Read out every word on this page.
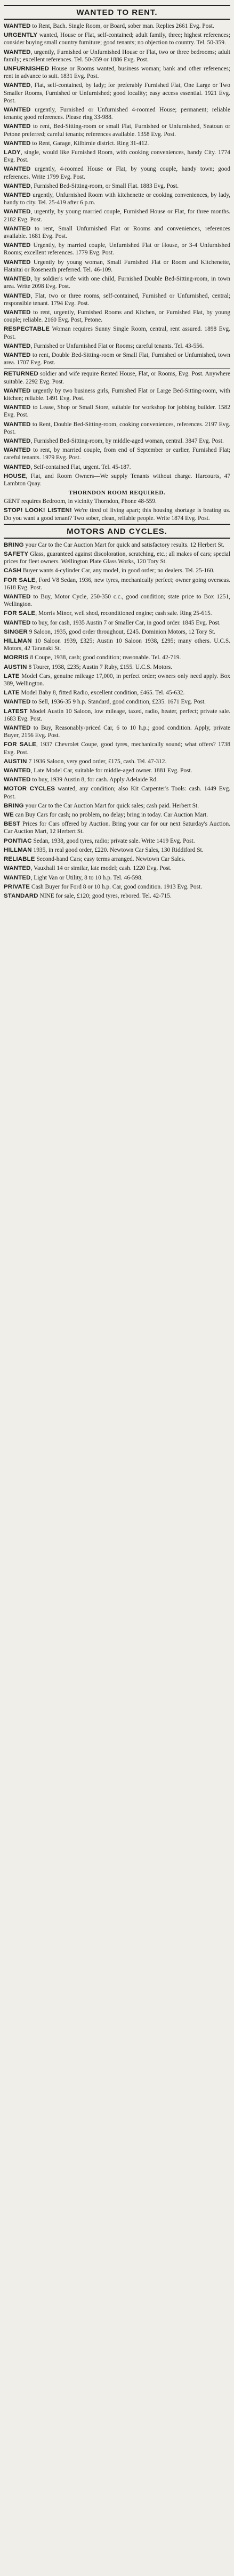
WANTED TO RENT.

WANTED to Rent, Bach. Single Room, or Board, sober man. Replies 2661 Evg. Post.

URGENTLY wanted, House or Flat, self-contained; adult family, three; highest references; consider buying small country furniture; good tenants; no objection to country. Tel. 50-359.

WANTED, urgently, Furnished or Unfurnished House or Flat, two or three bedrooms; adult family; excellent references. Tel. 50-359 or 1886 Evg. Post.

UNFURNISHED House or Rooms wanted, business woman; bank and other references; rent in advance to suit. 1831 Evg. Post.

WANTED, Flat, self-contained, by lady; for preferably Furnished Flat, One Large or Two Smaller Rooms, Furnished or Unfurnished; good locality; easy access essential. 1921 Evg. Post.

WANTED urgently, Furnished or Unfurnished 4-roomed House; permanent; reliable tenants; good references. Please ring 33-988.

WANTED to rent, Bed-Sitting-room or small Flat, Furnished or Unfurnished, Seatoun or Petone preferred; careful tenants; references available. 1358 Evg. Post.

WANTED to Rent, Garage, Kilbirnie district. Ring 31-412.

LADY, single, would like Furnished Room, with cooking conveniences, handy City. 1774 Evg. Post.

WANTED urgently, 4-roomed House or Flat, by young couple, handy town; good references. Write 1799 Evg. Post.

WANTED, Furnished Bed-Sitting-room, or Small Flat. 1883 Evg. Post.

WANTED urgently, Unfurnished Room with kitchenette or cooking conveniences, by lady, handy to city. Tel. 25-419 after 6 p.m.

WANTED, urgently, by young married couple, Furnished House or Flat, for three months. 2182 Evg. Post.

WANTED to rent, Small Unfurnished Flat or Rooms and conveniences, references available. 1681 Evg. Post.

WANTED Urgently, by married couple, Unfurnished Flat or House, or 3-4 Unfurnished Rooms; excellent references. 1779 Evg. Post.

WANTED Urgently by young woman, Small Furnished Flat or Room and Kitchenette, Hataitai or Roseneath preferred. Tel. 46-109.

WANTED, by soldier's wife with one child, Furnished Double Bed-Sitting-room, in town area. Write 2098 Evg. Post.

WANTED, Flat, two or three rooms, self-contained, Furnished or Unfurnished, central; responsible tenant. 1794 Evg. Post.

WANTED to rent, urgently, Furnished Rooms and Kitchen, or Furnished Flat, by young couple; reliable. 2160 Evg. Post, Petone.

RESPECTABLE Woman requires Sunny Single Room, central, rent assured. 1898 Evg. Post.

WANTED, Furnished or Unfurnished Flat or Rooms; careful tenants. Tel. 43-556.

WANTED to rent, Double Bed-Sitting-room or Small Flat, Furnished or Unfurnished, town area. 1707 Evg. Post.

RETURNED soldier and wife require Rented House, Flat, or Rooms, Evg. Post. Anywhere suitable. 2292 Evg. Post.

WANTED urgently by two business girls, Furnished Flat or Large Bed-Sitting-room, with kitchen; reliable. 1491 Evg. Post.

WANTED to Lease, Shop or Small Store, suitable for workshop for jobbing builder. 1582 Evg. Post.

WANTED to Rent, Double Bed-Sitting-room, cooking conveniences, references. 2197 Evg. Post.

WANTED, Furnished Bed-Sitting-room, by middle-aged woman, central. 3847 Evg. Post.

WANTED to rent, by married couple, from end of September or earlier, Furnished Flat; careful tenants. 1979 Evg. Post.

WANTED, Self-contained Flat, urgent. Tel. 45-187.

HOUSE, Flat, and Room Owners—We supply Tenants without charge. Harcourts, 47 Lambton Quay.

THORNDON ROOM REQUIRED.

GENT requires Bedroom, in vicinity Thorndon, Phone 48-559.

STOP! LOOK! LISTEN! We're tired of living apart; this housing shortage is beating us. Do you want a good tenant? Two sober, clean, reliable people. Write 1874 Evg. Post.

MOTORS AND CYCLES.

BRING your Car to the Car Auction Mart for quick and satisfactory results. 12 Herbert St.

SAFETY Glass, guaranteed against discoloration, scratching, etc.; all makes of cars; special prices for fleet owners. Wellington Plate Glass Works, 120 Tory St.

CASH Buyer wants 4-cylinder Car, any model, in good order; no dealers. Tel. 25-160.

FOR SALE, Ford V8 Sedan, 1936, new tyres, mechanically perfect; owner going overseas. 1618 Evg. Post.

WANTED to Buy, Motor Cycle, 250-350 c.c., good condition; state price to Box 1251, Wellington.

FOR SALE, Morris Minor, well shod, reconditioned engine; cash sale. Ring 25-615.

WANTED to buy, for cash, 1935 Austin 7 or Smaller Car, in good order. 1845 Evg. Post.

SINGER 9 Saloon, 1935, good order throughout, £245. Dominion Motors, 12 Tory St.

HILLMAN 10 Saloon 1939, £325; Austin 10 Saloon 1938, £295; many others. U.C.S. Motors, 42 Taranaki St.

MORRIS 8 Coupe, 1938, cash; good condition; reasonable. Tel. 42-719.

AUSTIN 8 Tourer, 1938, £235; Austin 7 Ruby, £155. U.C.S. Motors.

LATE Model Cars, genuine mileage 17,000, in perfect order; owners only need apply. Box 389, Wellington.

LATE Model Baby 8, fitted Radio, excellent condition, £465. Tel. 45-632.

WANTED to Sell, 1936-35 9 h.p. Standard, good condition, £235. 1671 Evg. Post.

LATEST Model Austin 10 Saloon, low mileage, taxed, radio, heater, perfect; private sale. 1683 Evg. Post.

WANTED to Buy, Reasonably-priced Car, 6 to 10 h.p.; good condition. Apply, private Buyer, 2156 Evg. Post.

FOR SALE, 1937 Chevrolet Coupe, good tyres, mechanically sound; what offers? 1738 Evg. Post.

AUSTIN 7 1936 Saloon, very good order, £175, cash. Tel. 47-312.

WANTED, Late Model Car, suitable for middle-aged owner. 1881 Evg. Post.

WANTED to buy, 1939 Austin 8, for cash. Apply Adelaide Rd.

MOTOR CYCLES wanted, any condition; also Kit Carpenter's Tools: cash. 1449 Evg. Post.

BRING your Car to the Car Auction Mart for quick sales; cash paid. Herbert St.

WE can Buy Cars for cash; no problem, no delay; bring in today. Car Auction Mart.

BEST Prices for Cars offered by Auction. Bring your car for our next Saturday's Auction. Car Auction Mart, 12 Herbert St.

PONTIAC Sedan, 1938, good tyres, radio; private sale. Write 1419 Evg. Post.

HILLMAN 1935, in real good order, £220. Newtown Car Sales, 130 Riddiford St.

RELIABLE Second-hand Cars; easy terms arranged. Newtown Car Sales.

WANTED, Vauxhall 14 or similar, late model; cash. 1220 Evg. Post.

WANTED, Light Van or Utility, 8 to 10 h.p. Tel. 46-598.

PRIVATE Cash Buyer for Ford 8 or 10 h.p. Car, good condition. 1913 Evg. Post.

STANDARD NINE for sale, £120; good tyres, rebored. Tel. 42-715.
